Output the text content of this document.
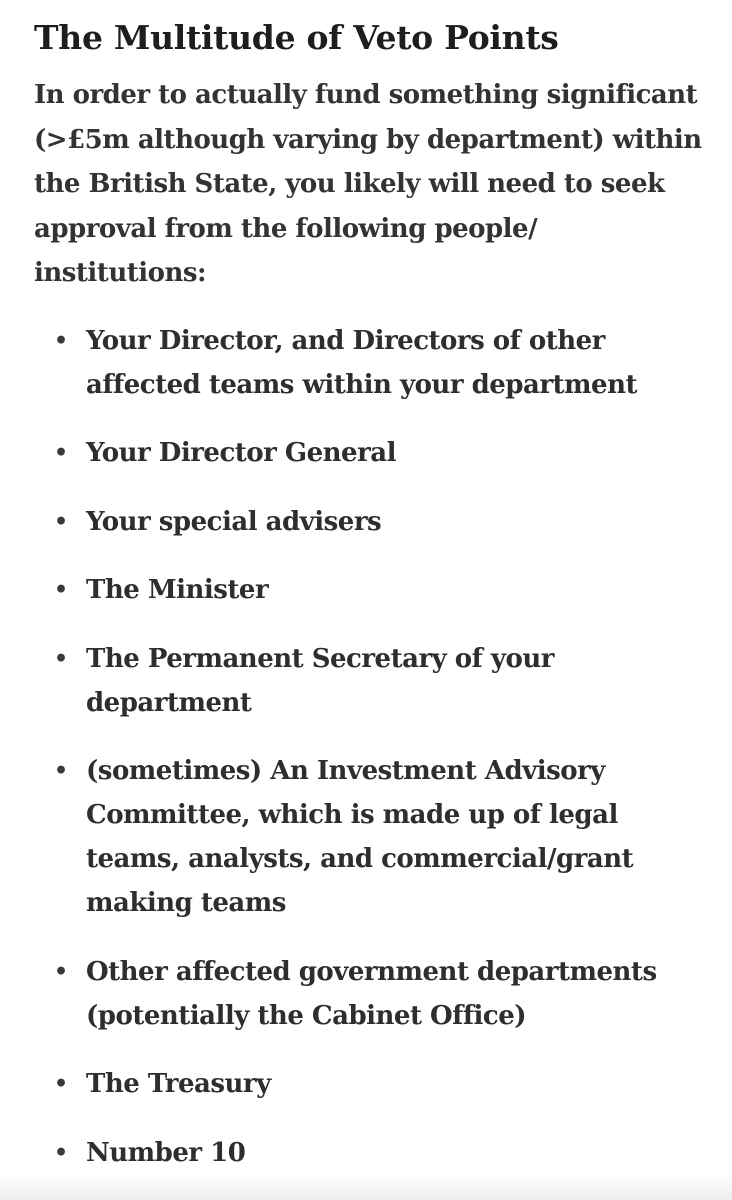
The Multitude of Veto Points

In order to actually fund something significant (>£5m although varying by department) within the British State, you likely will need to seek approval from the following people/ institutions:

• Your Director, and Directors of other affected teams within your department
• Your Director General
• Your special advisers
• The Minister
• The Permanent Secretary of your department
• (sometimes) An Investment Advisory Committee, which is made up of legal teams, analysts, and commercial/grant making teams
• Other affected government departments (potentially the Cabinet Office)
• The Treasury
• Number 10
